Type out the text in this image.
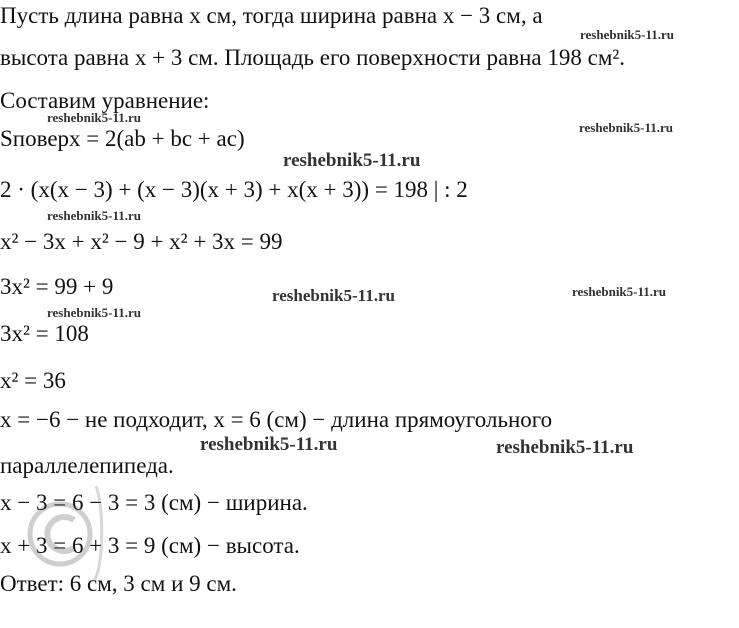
Пусть длина равна x см, тогда ширина равна x − 3 см, а
высота равна x + 3 см. Площадь его поверхности равна 198 см².
Составим уравнение:
Sповерх = 2(ab + bc + ac)
2 · (x(x − 3) + (x − 3)(x + 3) + x(x + 3)) = 198 | : 2
x² − 3x + x² − 9 + x² + 3x = 99
3x² = 99 + 9
3x² = 108
x² = 36
x = −6 − не подходит, x = 6 (см) − длина прямоугольного
параллелепипеда.
x − 3 = 6 − 3 = 3 (см) − ширина.
x + 3 = 6 + 3 = 9 (см) − высота.
Ответ: 6 см, 3 см и 9 см.
reshebnik5-11.ru
reshebnik5-11.ru
reshebnik5-11.ru
reshebnik5-11.ru
reshebnik5-11.ru
reshebnik5-11.ru	reshebnik5-11.ru
reshebnik5-11.ru
reshebnik5-11.ru	reshebnik5-11.ru
